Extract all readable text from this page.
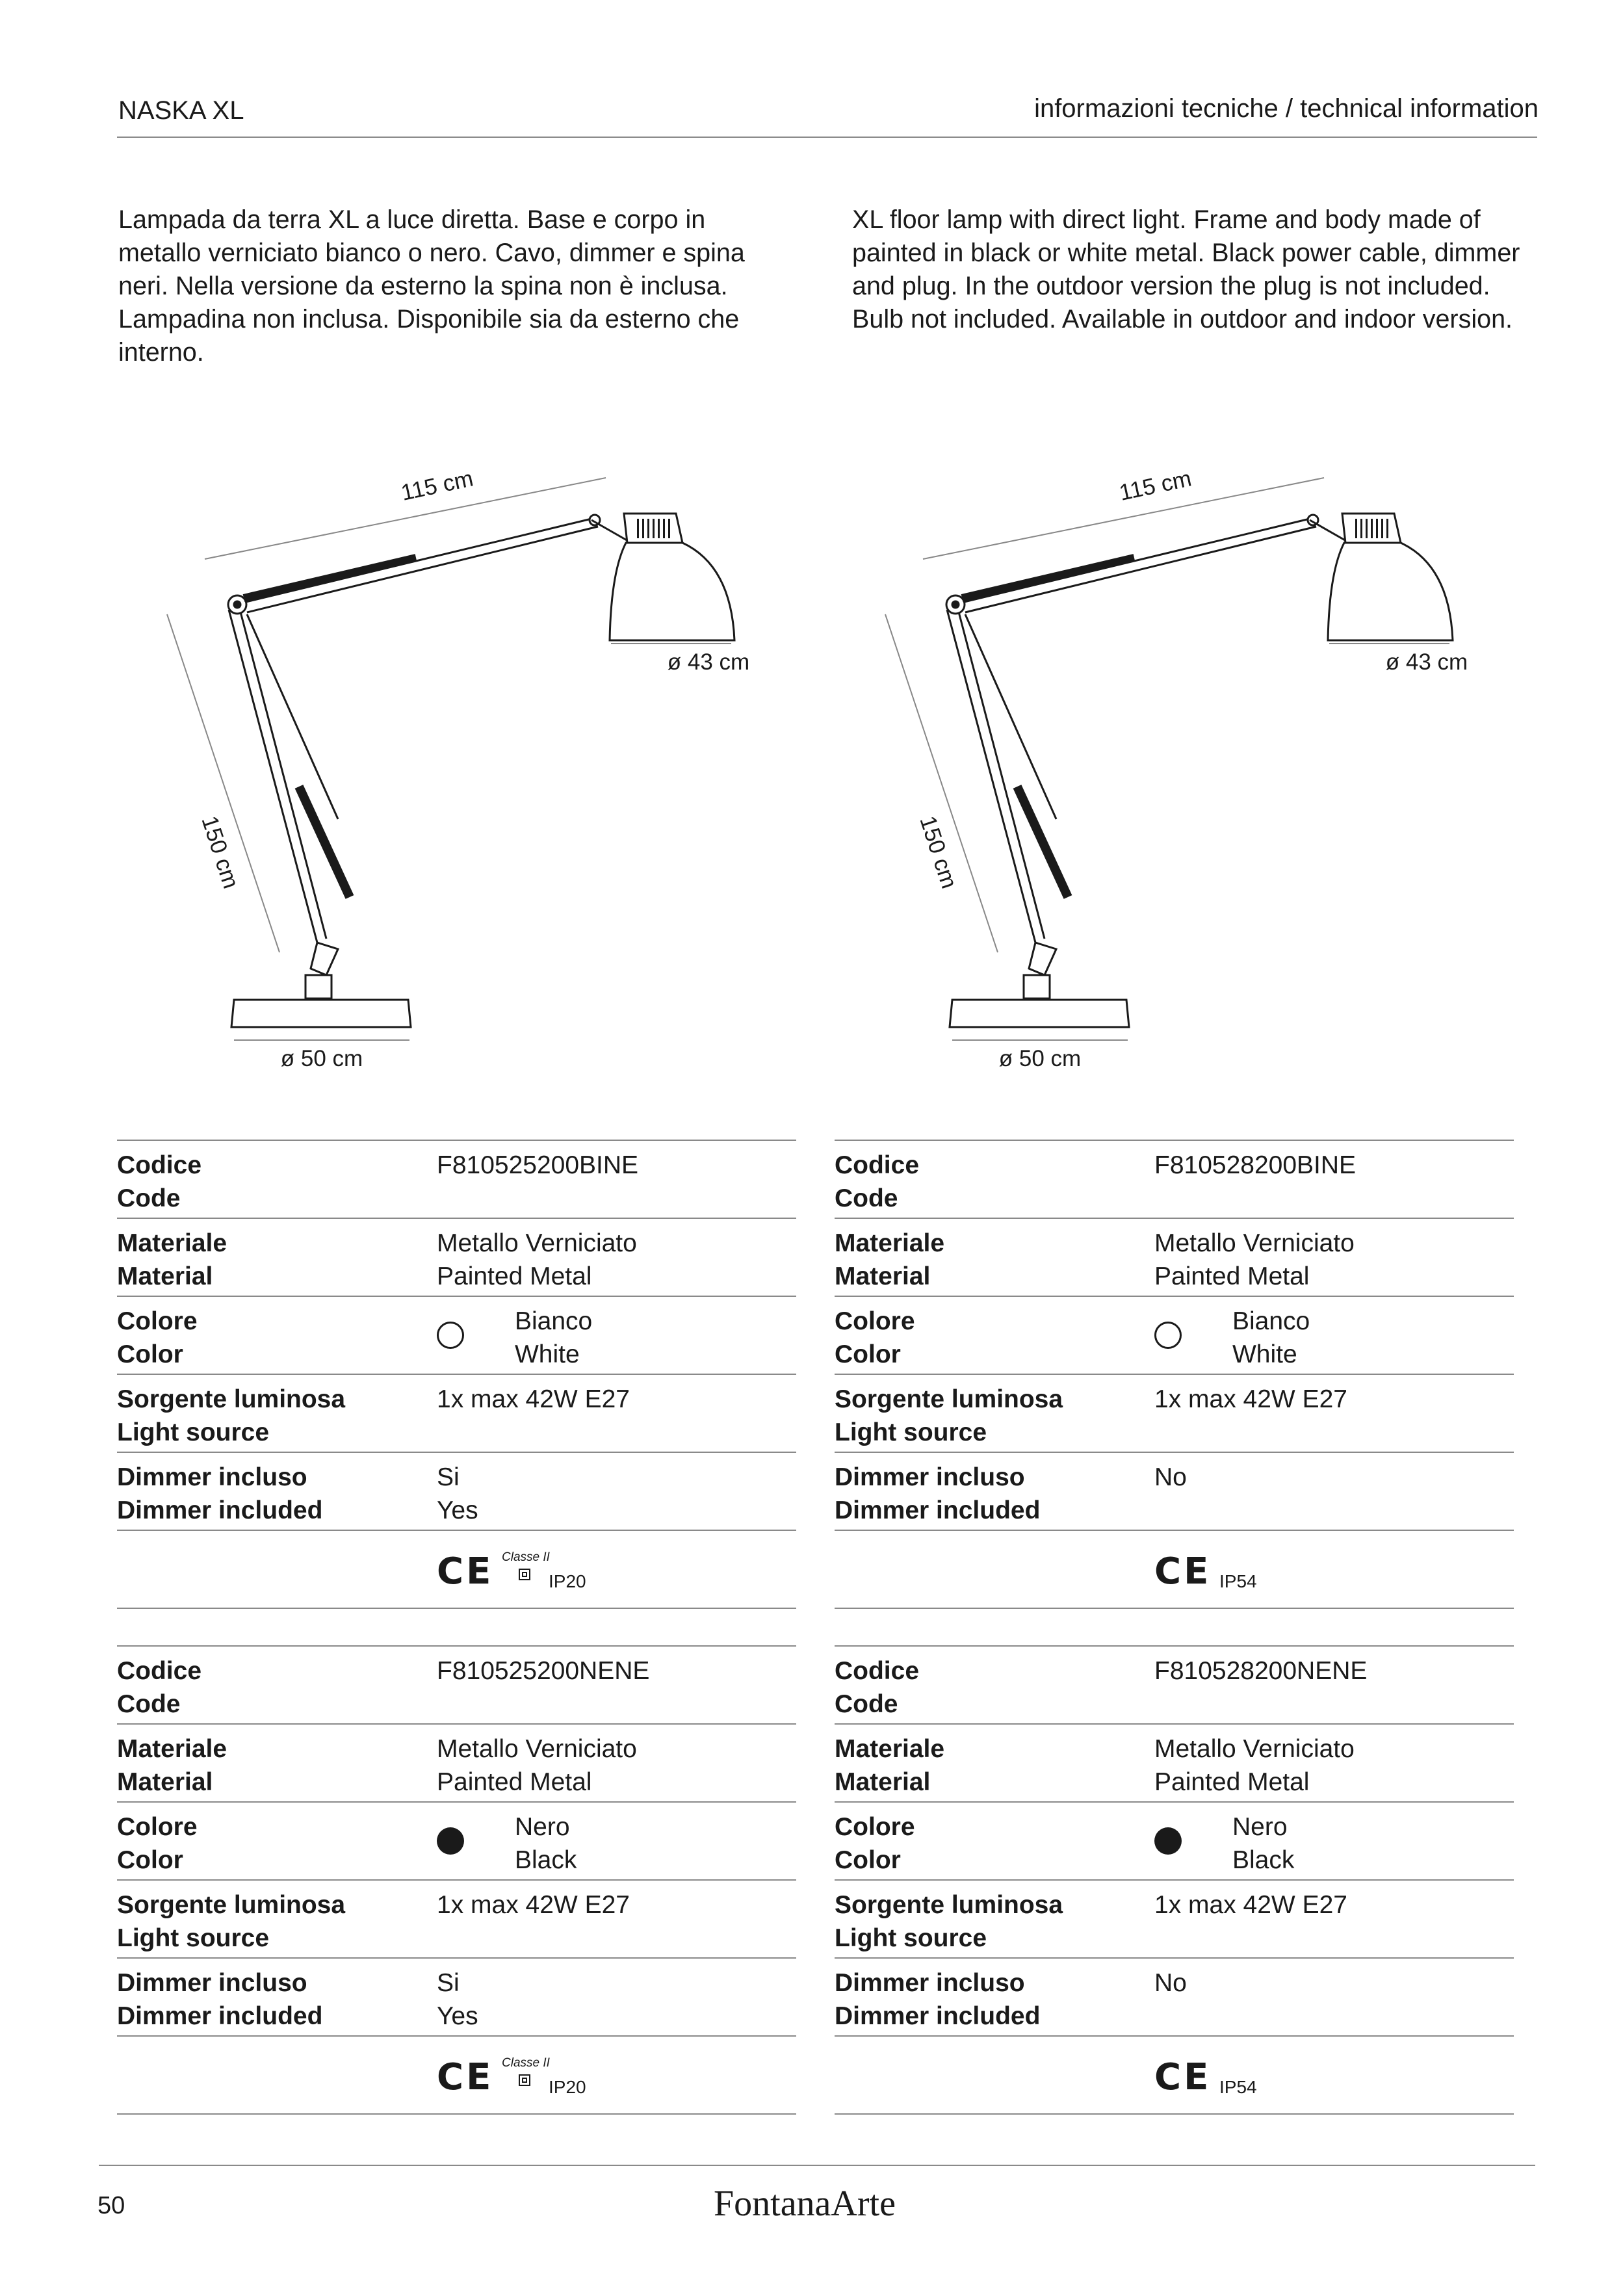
NASKA XL	informazioni tecniche / technical information
Lampada da terra XL a luce diretta. Base e corpo in metallo verniciato bianco o nero. Cavo, dimmer e spina neri. Nella versione da esterno la spina non è inclusa. Lampadina non inclusa. Disponibile sia da esterno che interno.
XL floor lamp with direct light. Frame and body made of painted in black or white metal. Black power cable, dimmer and plug. In the outdoor version the plug is not included. Bulb not included. Available in outdoor and indoor version.
115 cm
ø 43 cm
150 cm
ø 50 cm
115 cm
ø 43 cm
150 cm
ø 50 cm
Codice
Code
F810525200BINE
Materiale
Material
Metallo Verniciato
Painted Metal
Colore
Color
Bianco
White
Sorgente luminosa
Light source
1x max 42W E27
Dimmer incluso
Dimmer included
Si
Yes
CE Classe II
IP20
Codice
Code
F810528200BINE
Materiale
Material
Metallo Verniciato
Painted Metal
Colore
Color
Bianco
White
Sorgente luminosa
Light source
1x max 42W E27
Dimmer incluso
Dimmer included
No
CE IP54
Codice
Code
F810525200NENE
Materiale
Material
Metallo Verniciato
Painted Metal
Colore
Color
Nero
Black
Sorgente luminosa
Light source
1x max 42W E27
Dimmer incluso
Dimmer included
Si
Yes
CE Classe II
IP20
Codice
Code
F810528200NENE
Materiale
Material
Metallo Verniciato
Painted Metal
Colore
Color
Nero
Black
Sorgente luminosa
Light source
1x max 42W E27
Dimmer incluso
Dimmer included
No
CE IP54
50	FontanaArte
